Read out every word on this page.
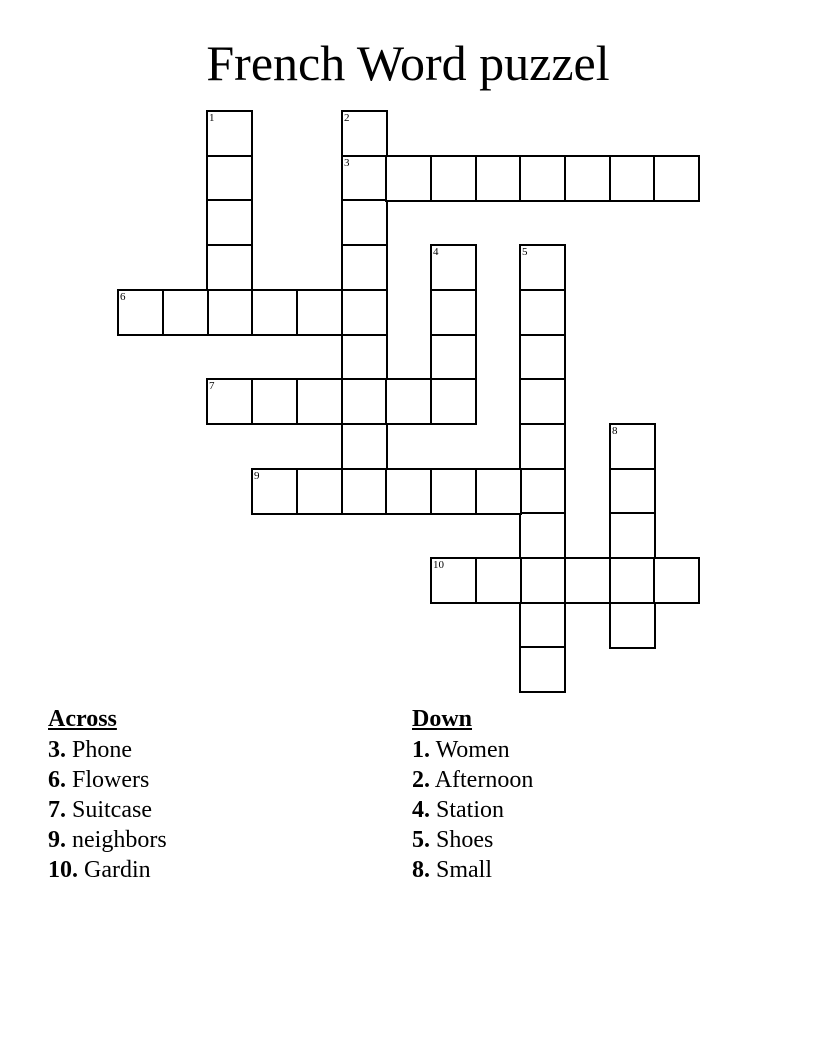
French Word puzzel
1	2
3
4	5
6
7
8
9
10
Across
3. Phone
6. Flowers
7. Suitcase
9. neighbors
10. Gardin
Down
1. Women
2. Afternoon
4. Station
5. Shoes
8. Small
